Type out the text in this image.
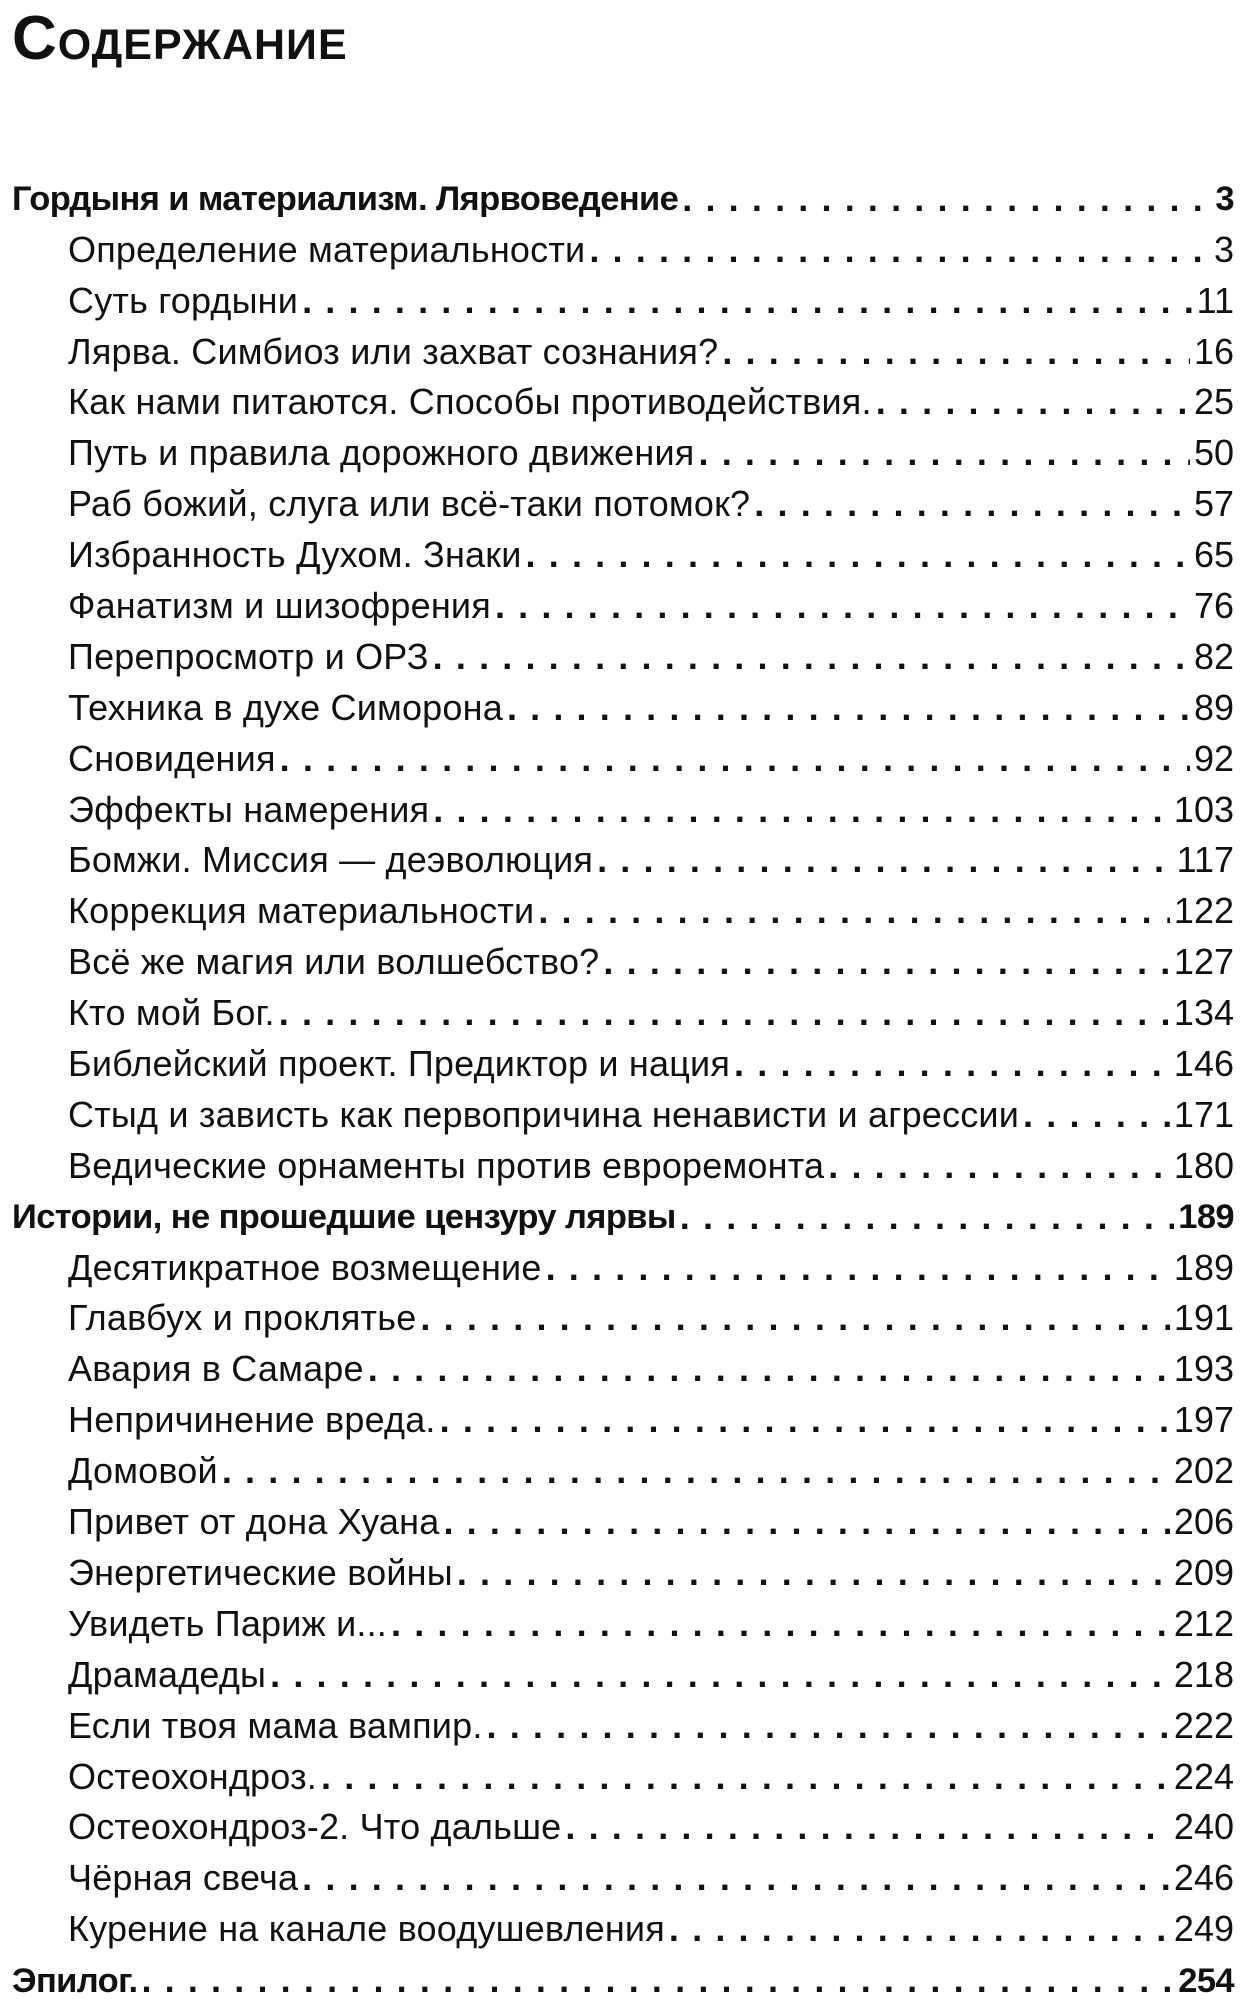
Содержание
Гордыня и материализм. Лярвоведение . . .	3
Определение материальности . . .	3
Суть гордыни . . .	11
Лярва. Симбиоз или захват сознания? . . .	16
Как нами питаются. Способы противодействия. . . .	25
Путь и правила дорожного движения . . .	50
Раб божий, слуга или всё-таки потомок? . . .	57
Избранность Духом. Знаки . . .	65
Фанатизм и шизофрения . . .	76
Перепросмотр и ОРЗ . . .	82
Техника в духе Симорона . . .	89
Сновидения . . .	92
Эффекты намерения . . .	103
Бомжи. Миссия — деэволюция . . .	117
Коррекция материальности . . .	122
Всё же магия или волшебство? . . .	127
Кто мой Бог. . . .	134
Библейский проект. Предиктор и нация . . .	146
Стыд и зависть как первопричина ненависти и агрессии . . .	171
Ведические орнаменты против евроремонта . . .	180
Истории, не прошедшие цензуру лярвы . . .	189
Десятикратное возмещение . . .	189
Главбух и проклятье . . .	191
Авария в Самаре . . .	193
Непричинение вреда. . . .	197
Домовой . . .	202
Привет от дона Хуана . . .	206
Энергетические войны . . .	209
Увидеть Париж и... . . .	212
Драмадеды . . .	218
Если твоя мама вампир. . . .	222
Остеохондроз. . . .	224
Остеохондроз-2. Что дальше . . .	240
Чёрная свеча . . .	246
Курение на канале воодушевления . . .	249
Эпилог. . . .	254
